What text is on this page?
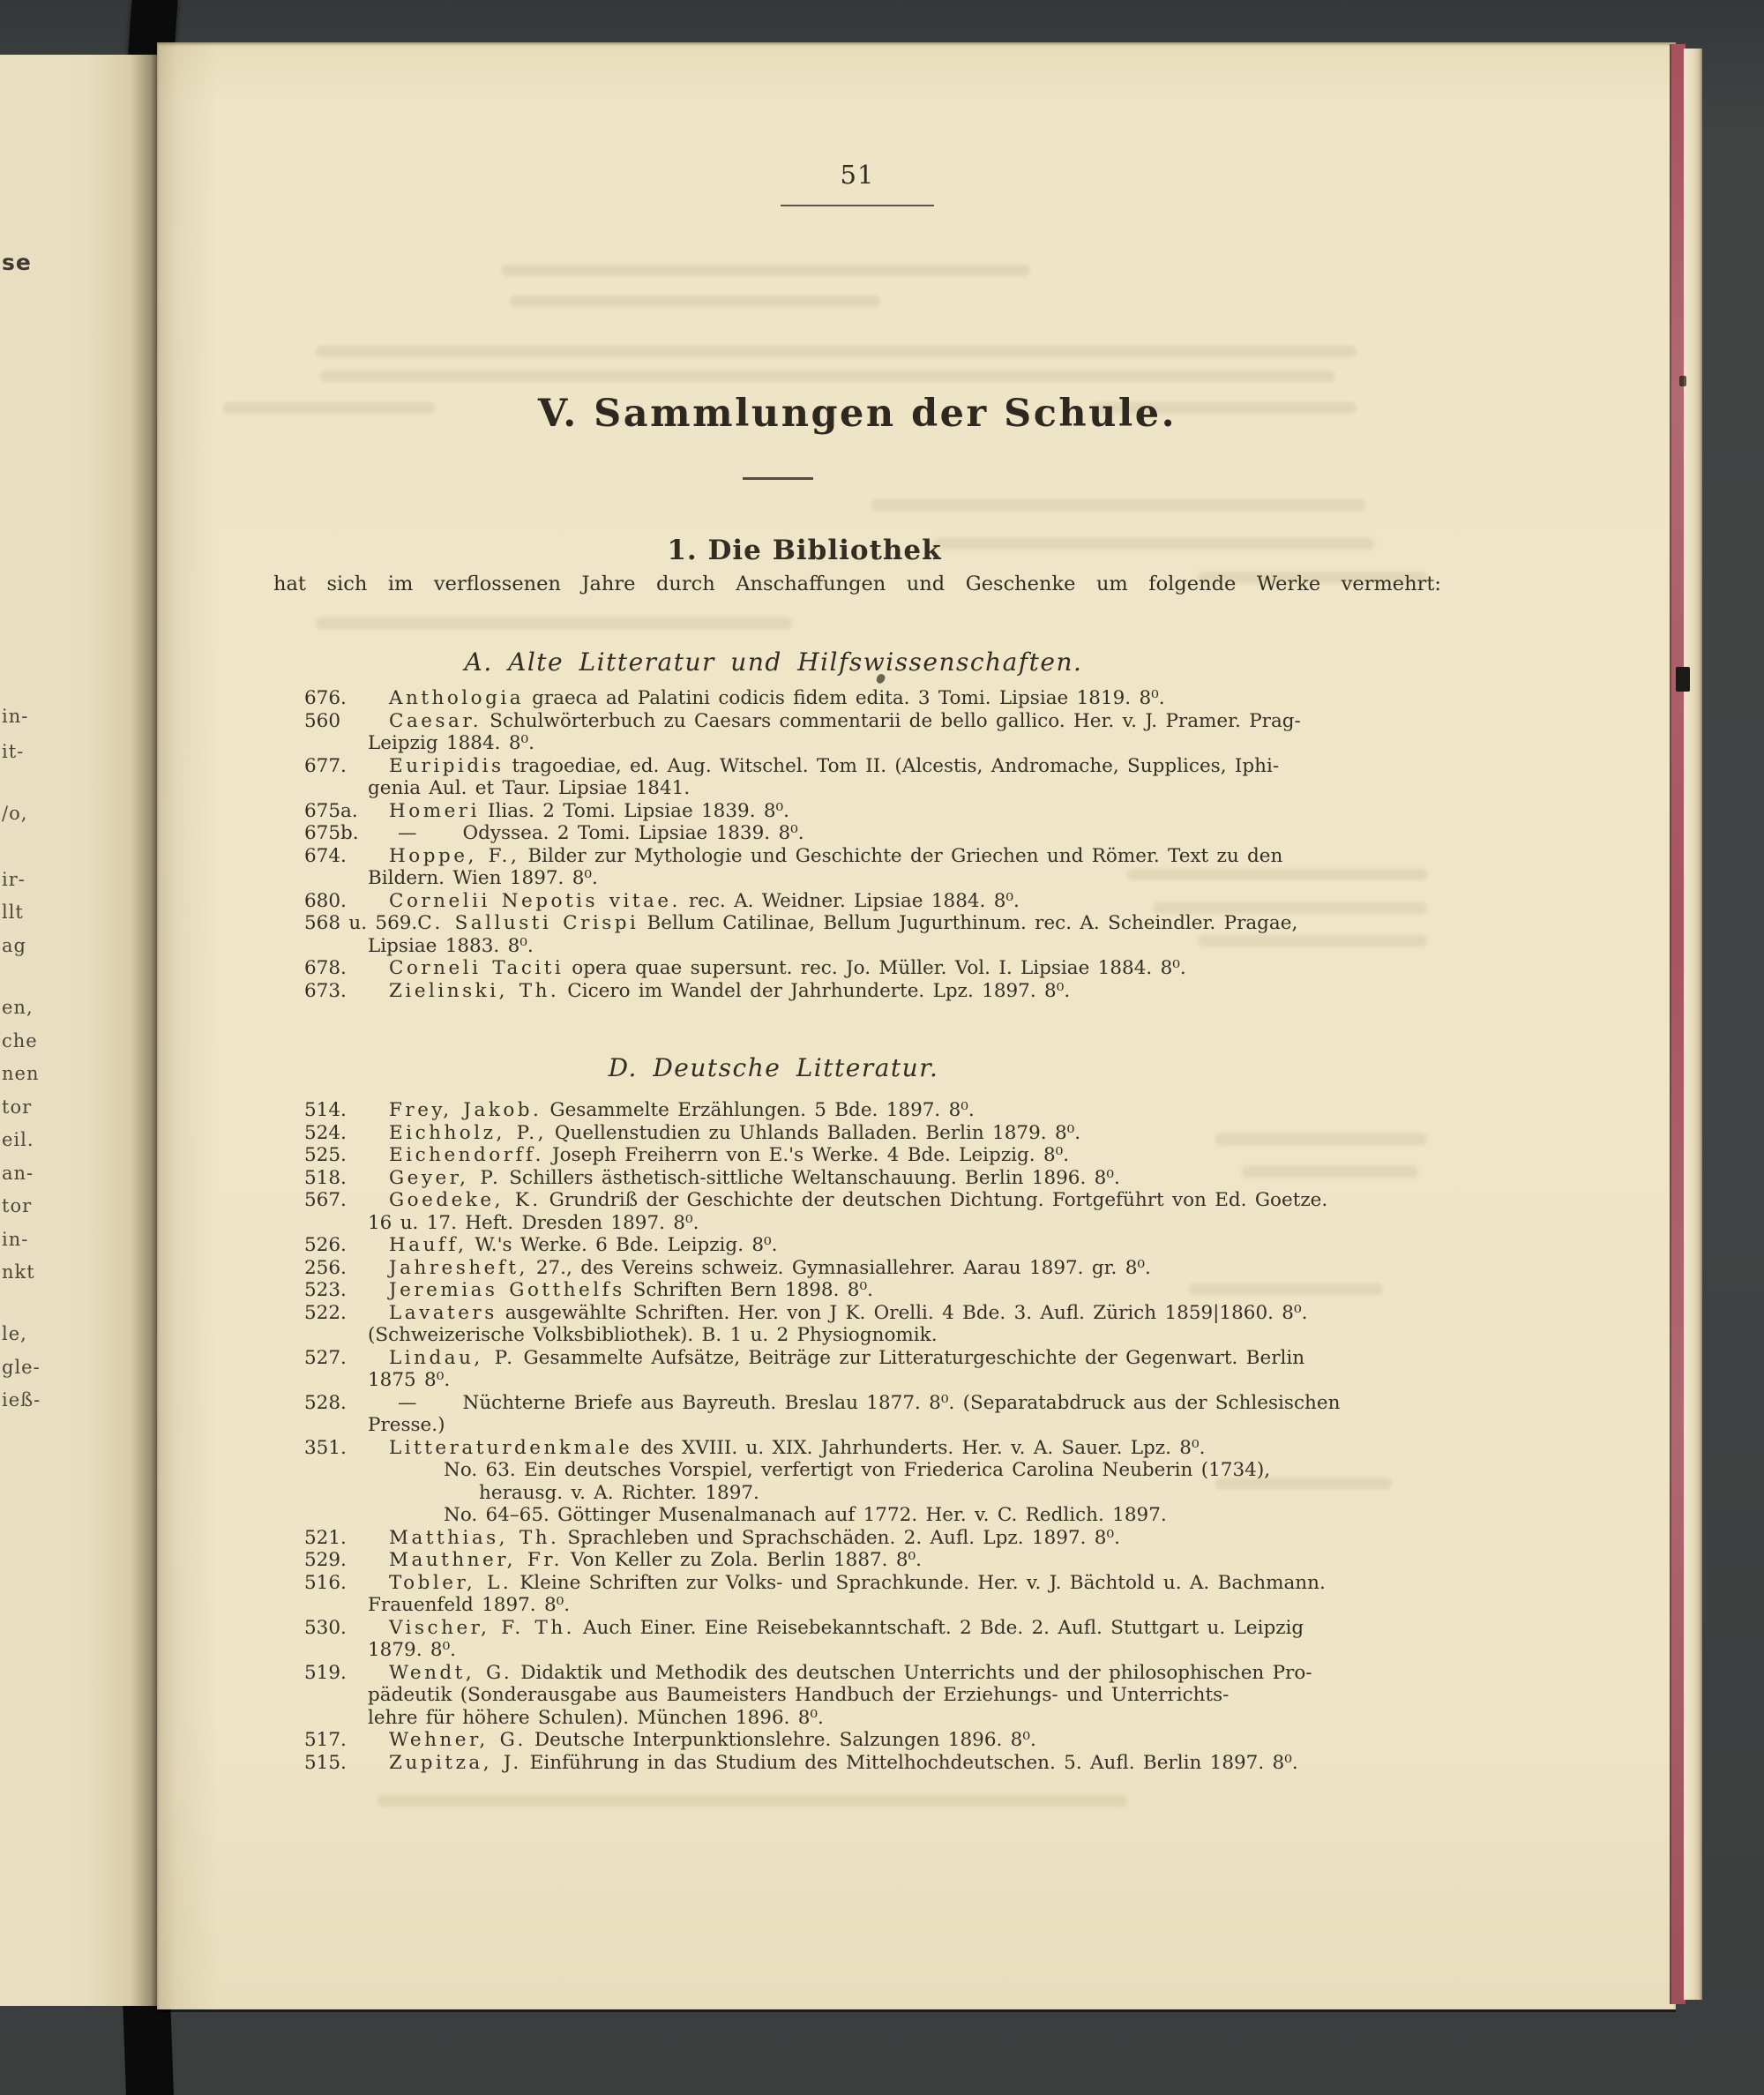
se
in-
it-
/o,
ir-
llt
ag
en,
che
nen
tor
eil.
an-
tor
in-
nkt
le,
gle-
ieß-
51
V. Sammlungen der Schule.
1. Die Bibliothek
hat sich im verflossenen Jahre durch Anschaffungen und Geschenke um folgende Werke vermehrt:
A. Alte Litteratur und Hilfswissenschaften.
676. Anthologia graeca ad Palatini codicis fidem edita. 3 Tomi. Lipsiae 1819. 8⁰.
560	Caesar. Schulwörterbuch zu Caesars commentarii de bello gallico. Her. v. J. Pramer. Prag-
Leipzig 1884. 8⁰.
677. Euripidis tragoediae, ed. Aug. Witschel. Tom II. (Alcestis, Andromache, Supplices, Iphi-
genia Aul. et Taur. Lipsiae 1841.
675a. Homeri Ilias. 2 Tomi. Lipsiae 1839. 8⁰.
675b. — Odyssea. 2 Tomi. Lipsiae 1839. 8⁰.
674. Hoppe, F., Bilder zur Mythologie und Geschichte der Griechen und Römer. Text zu den
Bildern. Wien 1897. 8⁰.
680. Cornelii Nepotis vitae. rec. A. Weidner. Lipsiae 1884. 8⁰.
568 u. 569.C. Sallusti Crispi Bellum Catilinae, Bellum Jugurthinum. rec. A. Scheindler. Pragae,
Lipsiae 1883. 8⁰.
678. Corneli Taciti opera quae supersunt. rec. Jo. Müller. Vol. I. Lipsiae 1884. 8⁰.
673. Zielinski, Th. Cicero im Wandel der Jahrhunderte. Lpz. 1897. 8⁰.
D. Deutsche Litteratur.
514. Frey, Jakob. Gesammelte Erzählungen. 5 Bde. 1897. 8⁰.
524. Eichholz, P., Quellenstudien zu Uhlands Balladen. Berlin 1879. 8⁰.
525. Eichendorff. Joseph Freiherrn von E.'s Werke. 4 Bde. Leipzig. 8⁰.
518. Geyer, P. Schillers ästhetisch-sittliche Weltanschauung. Berlin 1896. 8⁰.
567. Goedeke, K. Grundriß der Geschichte der deutschen Dichtung. Fortgeführt von Ed. Goetze.
16 u. 17. Heft. Dresden 1897. 8⁰.
526. Hauff, W.'s Werke. 6 Bde. Leipzig. 8⁰.
256. Jahresheft, 27., des Vereins schweiz. Gymnasiallehrer. Aarau 1897. gr. 8⁰.
523. Jeremias Gotthelfs Schriften Bern 1898. 8⁰.
522. Lavaters ausgewählte Schriften. Her. von J K. Orelli. 4 Bde. 3. Aufl. Zürich 1859|1860. 8⁰.
(Schweizerische Volksbibliothek). B. 1 u. 2 Physiognomik.
527. Lindau, P. Gesammelte Aufsätze, Beiträge zur Litteraturgeschichte der Gegenwart. Berlin
1875 8⁰.
528.	— Nüchterne Briefe aus Bayreuth. Breslau 1877. 8⁰. (Separatabdruck aus der Schlesischen
Presse.)
351. Litteraturdenkmale des XVIII. u. XIX. Jahrhunderts. Her. v. A. Sauer. Lpz. 8⁰.
No. 63. Ein deutsches Vorspiel, verfertigt von Friederica Carolina Neuberin (1734),
herausg. v. A. Richter. 1897.
No. 64–65. Göttinger Musenalmanach auf 1772. Her. v. C. Redlich. 1897.
521. Matthias, Th. Sprachleben und Sprachschäden. 2. Aufl. Lpz. 1897. 8⁰.
529. Mauthner, Fr. Von Keller zu Zola. Berlin 1887. 8⁰.
516. Tobler, L. Kleine Schriften zur Volks- und Sprachkunde. Her. v. J. Bächtold u. A. Bachmann.
Frauenfeld 1897. 8⁰.
530. Vischer, F. Th. Auch Einer. Eine Reisebekanntschaft. 2 Bde. 2. Aufl. Stuttgart u. Leipzig
1879. 8⁰.
519. Wendt, G. Didaktik und Methodik des deutschen Unterrichts und der philosophischen Pro-
pädeutik (Sonderausgabe aus Baumeisters Handbuch der Erziehungs- und Unterrichts-
lehre für höhere Schulen). München 1896. 8⁰.
517. Wehner, G. Deutsche Interpunktionslehre. Salzungen 1896. 8⁰.
515. Zupitza, J. Einführung in das Studium des Mittelhochdeutschen. 5. Aufl. Berlin 1897. 8⁰.
